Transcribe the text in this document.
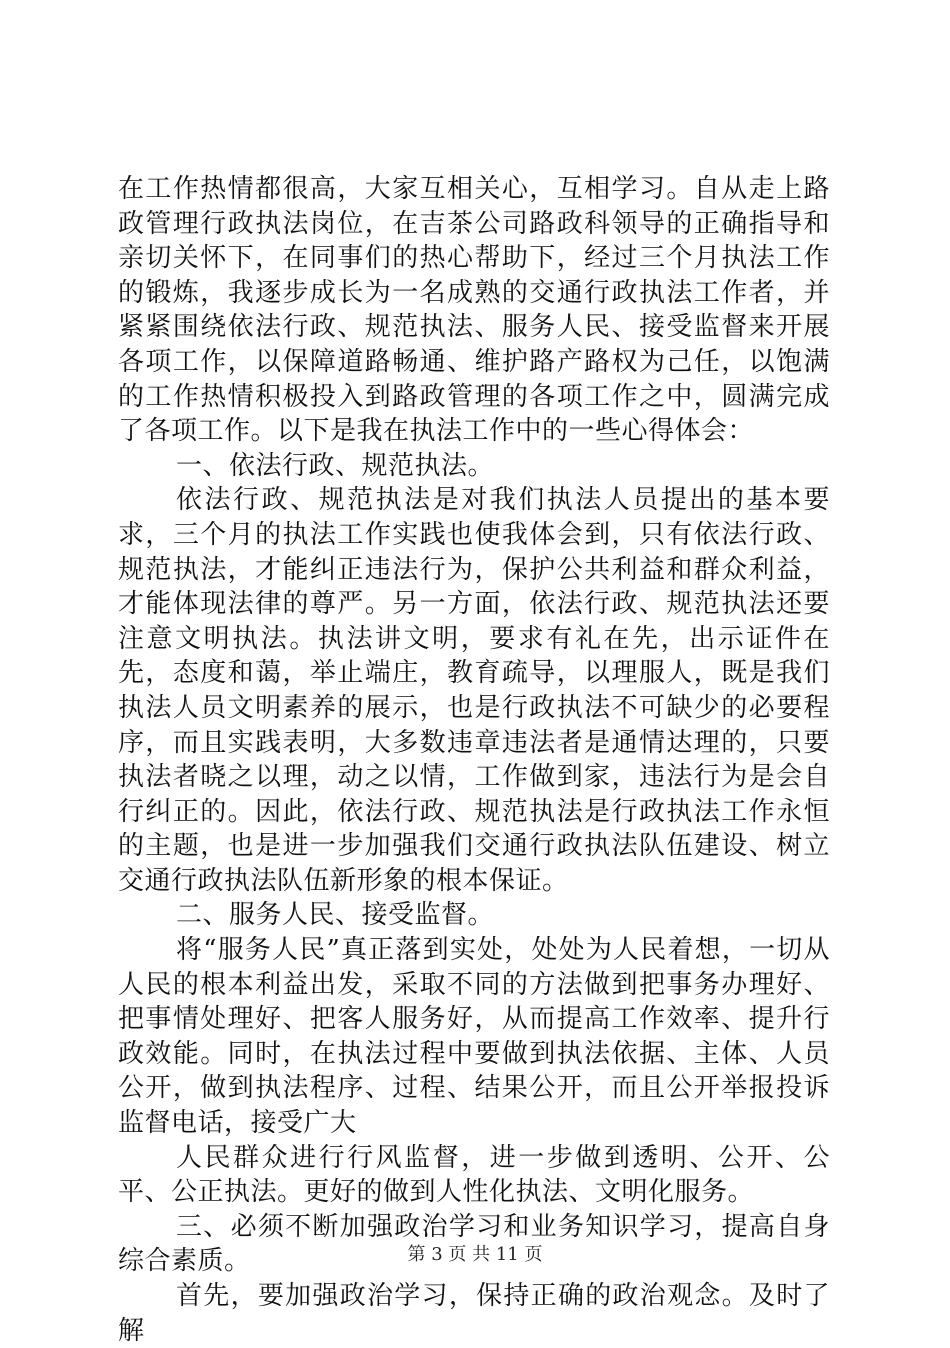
在工作热情都很高，大家互相关心，互相学习。自从走上路政管理行政执法岗位，在吉茶公司路政科领导的正确指导和亲切关怀下，在同事们的热心帮助下，经过三个月执法工作的锻炼，我逐步成长为一名成熟的交通行政执法工作者，并紧紧围绕依法行政、规范执法、服务人民、接受监督来开展各项工作，以保障道路畅通、维护路产路权为己任，以饱满的工作热情积极投入到路政管理的各项工作之中，圆满完成了各项工作。以下是我在执法工作中的一些心得体会：

一、依法行政、规范执法。

依法行政、规范执法是对我们执法人员提出的基本要求，三个月的执法工作实践也使我体会到，只有依法行政、规范执法，才能纠正违法行为，保护公共利益和群众利益，才能体现法律的尊严。另一方面，依法行政、规范执法还要注意文明执法。执法讲文明，要求有礼在先，出示证件在先，态度和蔼，举止端庄，教育疏导，以理服人，既是我们执法人员文明素养的展示，也是行政执法不可缺少的必要程序，而且实践表明，大多数违章违法者是通情达理的，只要执法者晓之以理，动之以情，工作做到家，违法行为是会自行纠正的。因此，依法行政、规范执法是行政执法工作永恒的主题，也是进一步加强我们交通行政执法队伍建设、树立交通行政执法队伍新形象的根本保证。

二、服务人民、接受监督。

将“服务人民”真正落到实处，处处为人民着想，一切从人民的根本利益出发，采取不同的方法做到把事务办理好、把事情处理好、把客人服务好，从而提高工作效率、提升行政效能。同时，在执法过程中要做到执法依据、主体、人员公开，做到执法程序、过程、结果公开，而且公开举报投诉监督电话，接受广大

人民群众进行行风监督，进一步做到透明、公开、公平、公正执法。更好的做到人性化执法、文明化服务。

三、必须不断加强政治学习和业务知识学习，提高自身综合素质。

首先，要加强政治学习，保持正确的政治观念。及时了解

第 3 页 共 11 页
